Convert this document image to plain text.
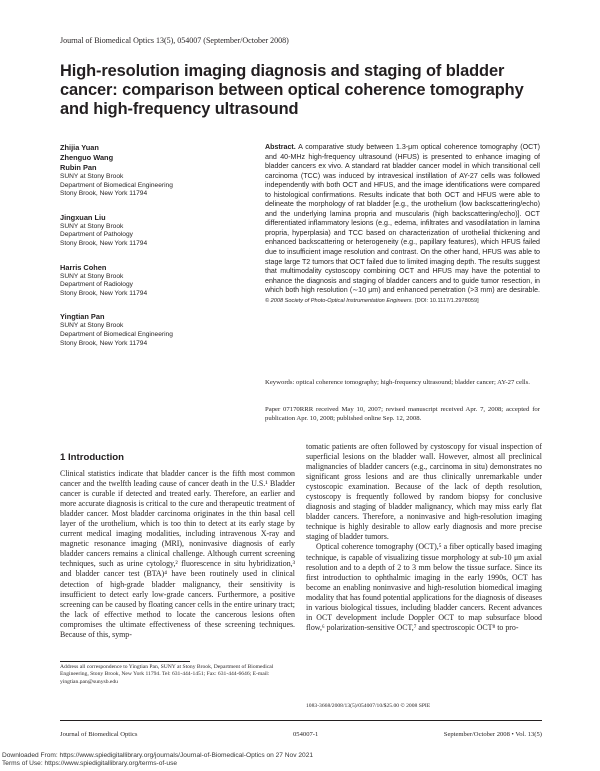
Journal of Biomedical Optics 13(5), 054007 (September/October 2008)
High-resolution imaging diagnosis and staging of bladder cancer: comparison between optical coherence tomography and high-frequency ultrasound
Zhijia Yuan
Zhenguo Wang
Rubin Pan
SUNY at Stony Brook
Department of Biomedical Engineering
Stony Brook, New York 11794
Jingxuan Liu
SUNY at Stony Brook
Department of Pathology
Stony Brook, New York 11794
Harris Cohen
SUNY at Stony Brook
Department of Radiology
Stony Brook, New York 11794
Yingtian Pan
SUNY at Stony Brook
Department of Biomedical Engineering
Stony Brook, New York 11794
Abstract. A comparative study between 1.3-μm optical coherence tomography (OCT) and 40-MHz high-frequency ultrasound (HFUS) is presented to enhance imaging of bladder cancers ex vivo. A standard rat bladder cancer model in which transitional cell carcinoma (TCC) was induced by intravesical instillation of AY-27 cells was followed independently with both OCT and HFUS, and the image identifications were compared to histological confirmations. Results indicate that both OCT and HFUS were able to delineate the morphology of rat bladder [e.g., the urothelium (low backscattering/echo) and the underlying lamina propria and muscularis (high backscattering/echo)]. OCT differentiated inflammatory lesions (e.g., edema, infiltrates and vasodilatation in lamina propria, hyperplasia) and TCC based on characterization of urothelial thickening and enhanced backscattering or heterogeneity (e.g., papillary features), which HFUS failed due to insufficient image resolution and contrast. On the other hand, HFUS was able to stage large T2 tumors that OCT failed due to limited imaging depth. The results suggest that multimodality cystoscopy combining OCT and HFUS may have the potential to enhance the diagnosis and staging of bladder cancers and to guide tumor resection, in which both high resolution (∼10 μm) and enhanced penetration (>3 mm) are desirable. © 2008 Society of Photo-Optical Instrumentation Engineers. [DOI: 10.1117/1.2978059]
Keywords: optical coherence tomography; high-frequency ultrasound; bladder cancer; AY-27 cells.
Paper 07170RRR received May 10, 2007; revised manuscript received Apr. 7, 2008; accepted for publication Apr. 10, 2008; published online Sep. 12, 2008.
1 Introduction

Clinical statistics indicate that bladder cancer is the fifth most common cancer and the twelfth leading cause of cancer death in the U.S.¹ Bladder cancer is curable if detected and treated early. Therefore, an earlier and more accurate diagnosis is critical to the cure and therapeutic treatment of bladder cancer. Most bladder carcinoma originates in the thin basal cell layer of the urothelium, which is too thin to detect at its early stage by current medical imaging modalities, including intravenous X-ray and magnetic resonance imaging (MRI), noninvasive diagnosis of early bladder cancers remains a clinical challenge. Although current screening techniques, such as urine cytology,² fluorescence in situ hybridization,³ and bladder cancer test (BTA)⁴ have been routinely used in clinical detection of high-grade bladder malignancy, their sensitivity is insufficient to detect early low-grade cancers. Furthermore, a positive screening can be caused by floating cancer cells in the entire urinary tract; the lack of effective method to locate the cancerous lesions often compromises the ultimate effectiveness of these screening techniques. Because of this, symp-

tomatic patients are often followed by cystoscopy for visual inspection of superficial lesions on the bladder wall. However, almost all preclinical malignancies of bladder cancers (e.g., carcinoma in situ) demonstrates no significant gross lesions and are thus clinically unremarkable under cystoscopic examination. Because of the lack of depth resolution, cystoscopy is frequently followed by random biopsy for conclusive diagnosis and staging of bladder malignancy, which may miss early flat bladder cancers. Therefore, a noninvasive and high-resolution imaging technique is highly desirable to allow early diagnosis and more precise staging of bladder tumors.

Optical coherence tomography (OCT),⁵ a fiber optically based imaging technique, is capable of visualizing tissue morphology at sub-10 μm axial resolution and to a depth of 2 to 3 mm below the tissue surface. Since its first introduction to ophthalmic imaging in the early 1990s, OCT has become an enabling noninvasive and high-resolution biomedical imaging modality that has found potential applications for the diagnosis of diseases in various biological tissues, including bladder cancers. Recent advances in OCT development include Doppler OCT to map subsurface blood flow,⁶ polarization-sensitive OCT,⁷ and spectroscopic OCT⁸ to pro-

Address all correspondence to Yingtian Pan, SUNY at Stony Brook, Department of Biomedical Engineering, Stony Brook, New York 11794. Tel: 631-444-1451; Fax: 631-444-6646; E-mail: yingtian.pan@sunysb.edu
1083-3668/2008/13(5)/054007/10/$25.00 © 2008 SPIE
Journal of Biomedical Optics	054007-1	September/October 2008 • Vol. 13(5)
Downloaded From: https://www.spiedigitallibrary.org/journals/Journal-of-Biomedical-Optics on 27 Nov 2021
Terms of Use: https://www.spiedigitallibrary.org/terms-of-use
